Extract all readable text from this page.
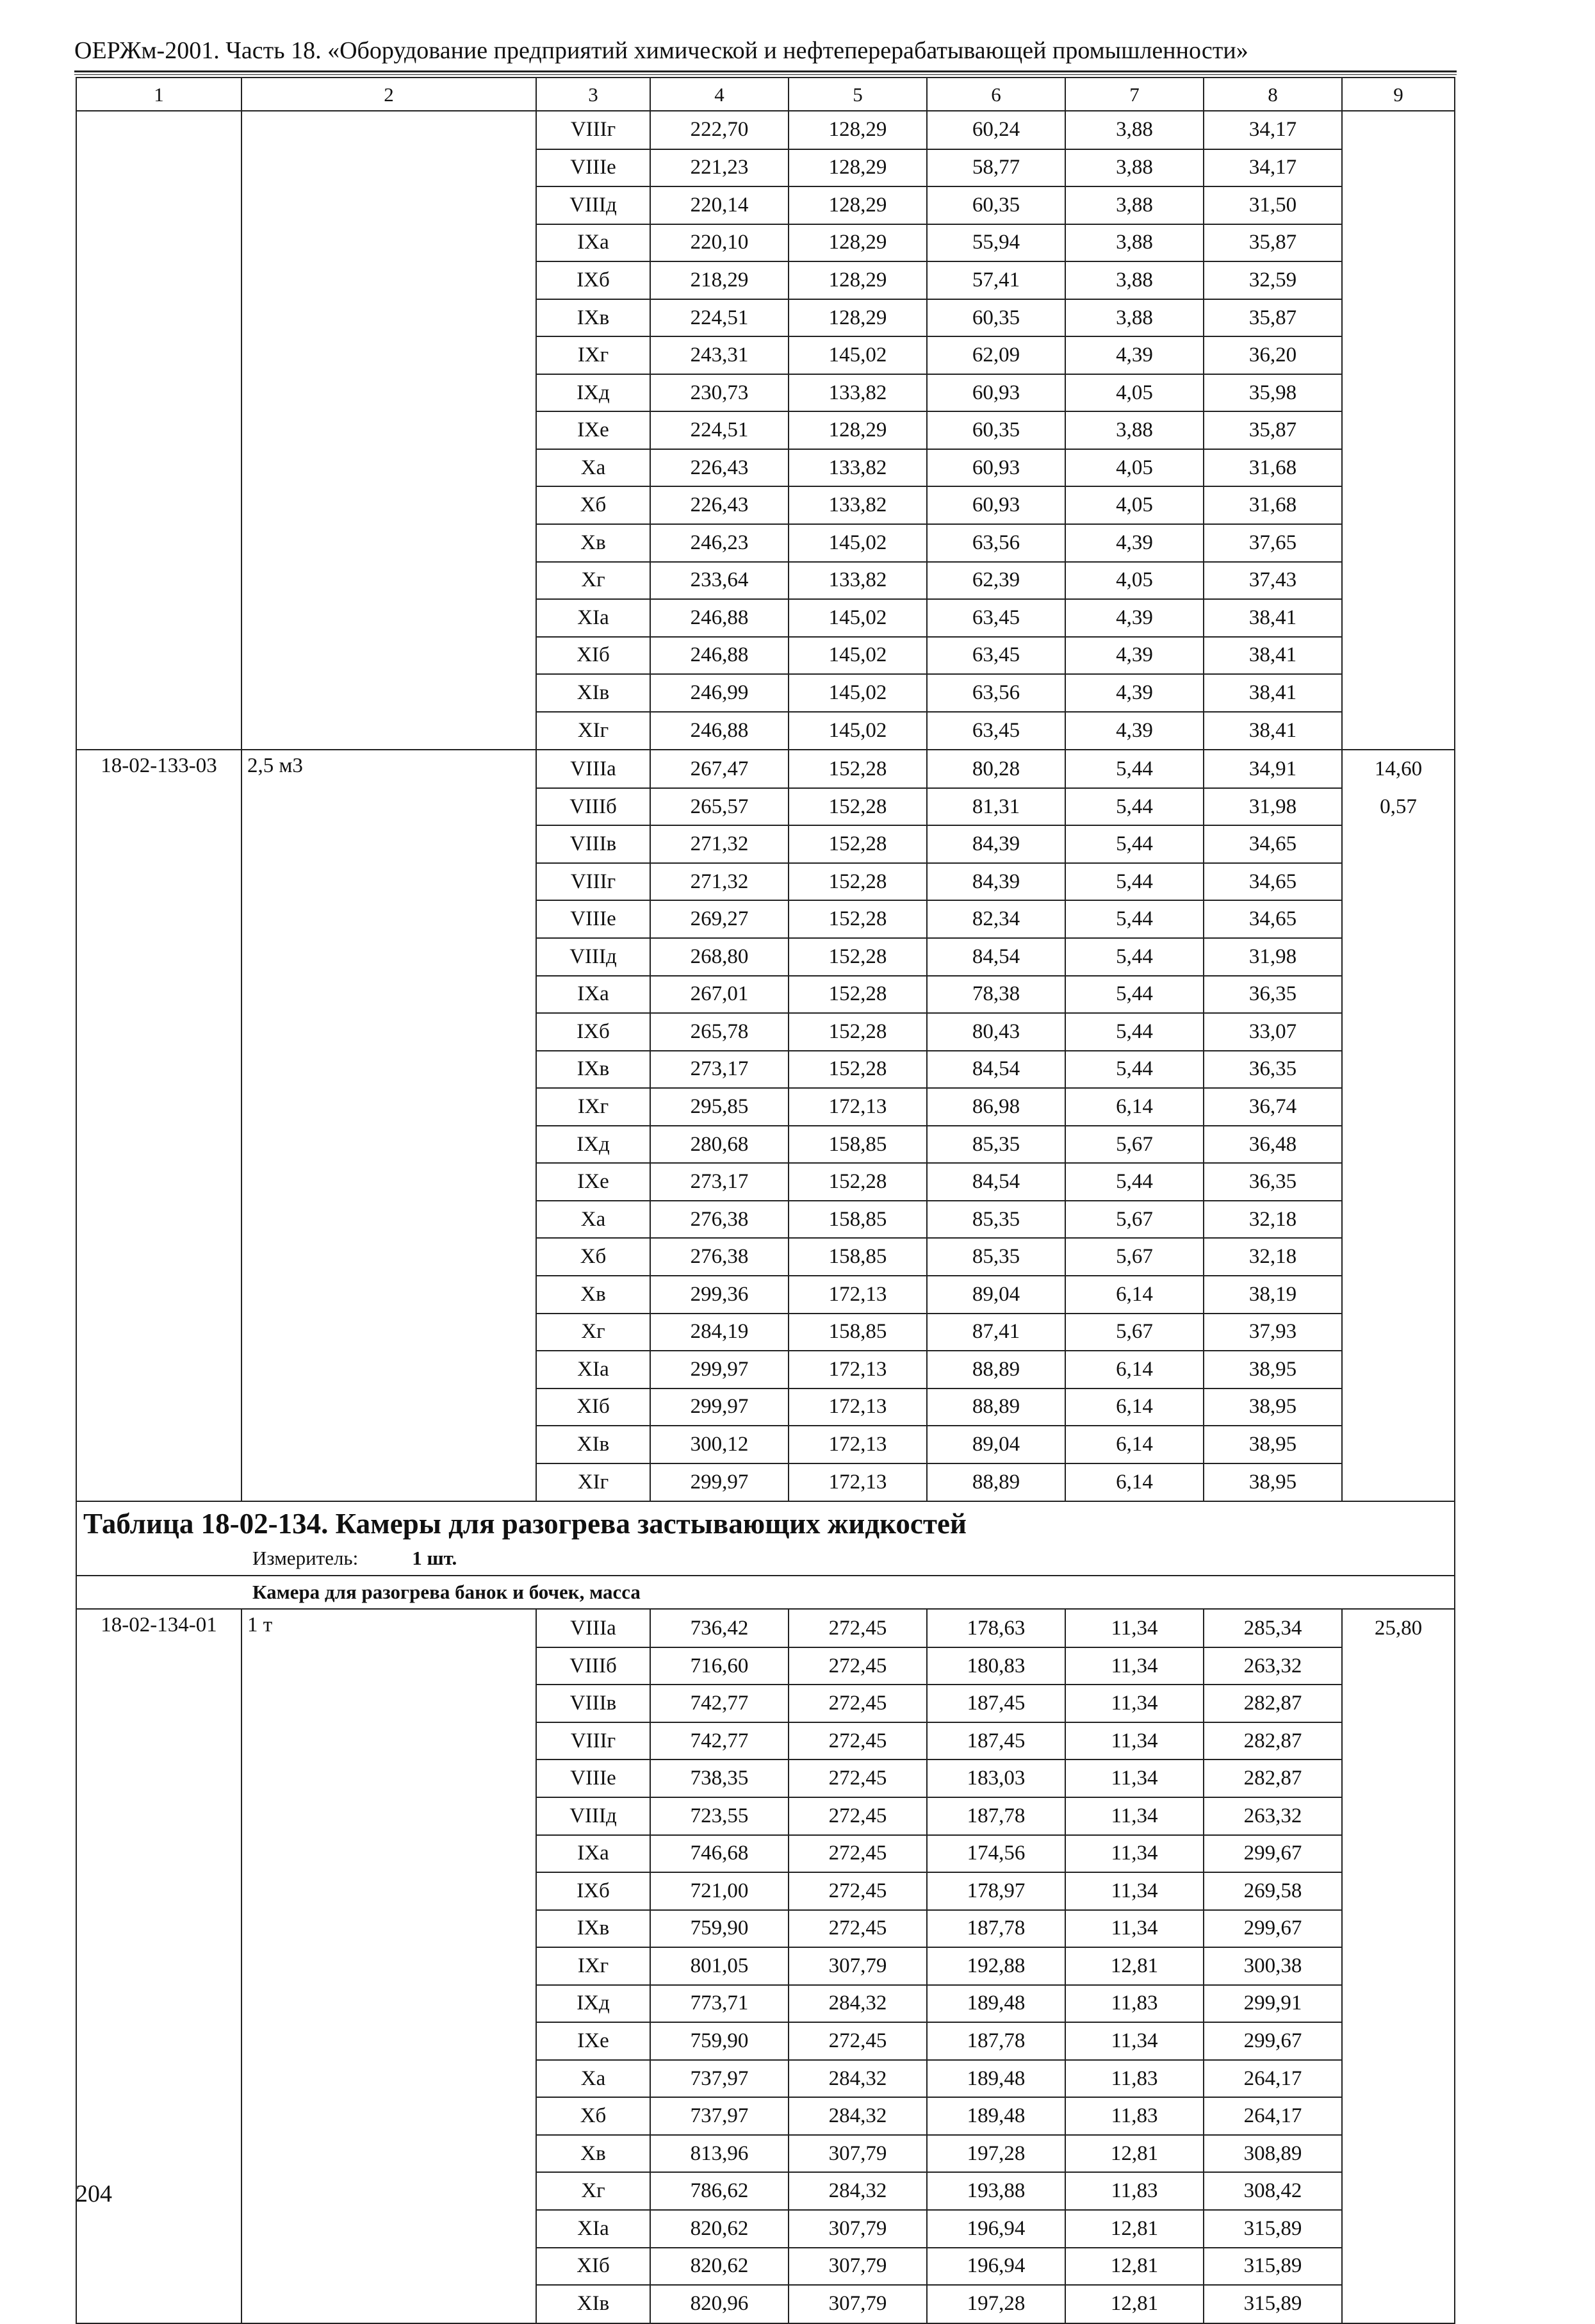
ОЕРЖм-2001. Часть 18. «Оборудование предприятий химической и нефтеперерабатывающей промышленности»
1	2	3	4	5	6	7	8	9
		VIIIг	222,70	128,29	60,24	3,88	34,17	
		VIIIе	221,23	128,29	58,77	3,88	34,17	
		VIIIд	220,14	128,29	60,35	3,88	31,50	
		IXa	220,10	128,29	55,94	3,88	35,87	
		IXб	218,29	128,29	57,41	3,88	32,59	
		IXв	224,51	128,29	60,35	3,88	35,87	
		IXг	243,31	145,02	62,09	4,39	36,20	
		IXд	230,73	133,82	60,93	4,05	35,98	
		IXе	224,51	128,29	60,35	3,88	35,87	
		Xa	226,43	133,82	60,93	4,05	31,68	
		Xб	226,43	133,82	60,93	4,05	31,68	
		Xв	246,23	145,02	63,56	4,39	37,65	
		Xг	233,64	133,82	62,39	4,05	37,43	
		XIa	246,88	145,02	63,45	4,39	38,41	
		XIб	246,88	145,02	63,45	4,39	38,41	
		XIв	246,99	145,02	63,56	4,39	38,41	
		XIг	246,88	145,02	63,45	4,39	38,41	
18-02-133-03	2,5 м3	VIIIa	267,47	152,28	80,28	5,44	34,91	14,60
		VIIIб	265,57	152,28	81,31	5,44	31,98	0,57
		VIIIв	271,32	152,28	84,39	5,44	34,65	
		VIIIг	271,32	152,28	84,39	5,44	34,65	
		VIIIе	269,27	152,28	82,34	5,44	34,65	
		VIIIд	268,80	152,28	84,54	5,44	31,98	
		IXa	267,01	152,28	78,38	5,44	36,35	
		IXб	265,78	152,28	80,43	5,44	33,07	
		IXв	273,17	152,28	84,54	5,44	36,35	
		IXг	295,85	172,13	86,98	6,14	36,74	
		IXд	280,68	158,85	85,35	5,67	36,48	
		IXе	273,17	152,28	84,54	5,44	36,35	
		Xa	276,38	158,85	85,35	5,67	32,18	
		Xб	276,38	158,85	85,35	5,67	32,18	
		Xв	299,36	172,13	89,04	6,14	38,19	
		Xг	284,19	158,85	87,41	5,67	37,93	
		XIa	299,97	172,13	88,89	6,14	38,95	
		XIб	299,97	172,13	88,89	6,14	38,95	
		XIв	300,12	172,13	89,04	6,14	38,95	
		XIг	299,97	172,13	88,89	6,14	38,95	

Таблица 18-02-134. Камеры для разогрева застывающих жидкостей
Измеритель: 1 шт.								

Камера для разогрева банок и бочек, масса								
18-02-134-01	1 т	VIIIa	736,42	272,45	178,63	11,34	285,34	25,80
		VIIIб	716,60	272,45	180,83	11,34	263,32	
		VIIIв	742,77	272,45	187,45	11,34	282,87	
		VIIIг	742,77	272,45	187,45	11,34	282,87	
		VIIIе	738,35	272,45	183,03	11,34	282,87	
		VIIIд	723,55	272,45	187,78	11,34	263,32	
		IXa	746,68	272,45	174,56	11,34	299,67	
		IXб	721,00	272,45	178,97	11,34	269,58	
		IXв	759,90	272,45	187,78	11,34	299,67	
		IXг	801,05	307,79	192,88	12,81	300,38	
		IXд	773,71	284,32	189,48	11,83	299,91	
		IXе	759,90	272,45	187,78	11,34	299,67	
		Xa	737,97	284,32	189,48	11,83	264,17	
		Xб	737,97	284,32	189,48	11,83	264,17	
		Xв	813,96	307,79	197,28	12,81	308,89	
		Xг	786,62	284,32	193,88	11,83	308,42	
		XIa	820,62	307,79	196,94	12,81	315,89	
		XIб	820,62	307,79	196,94	12,81	315,89	
		XIв	820,96	307,79	197,28	12,81	315,89	
204
